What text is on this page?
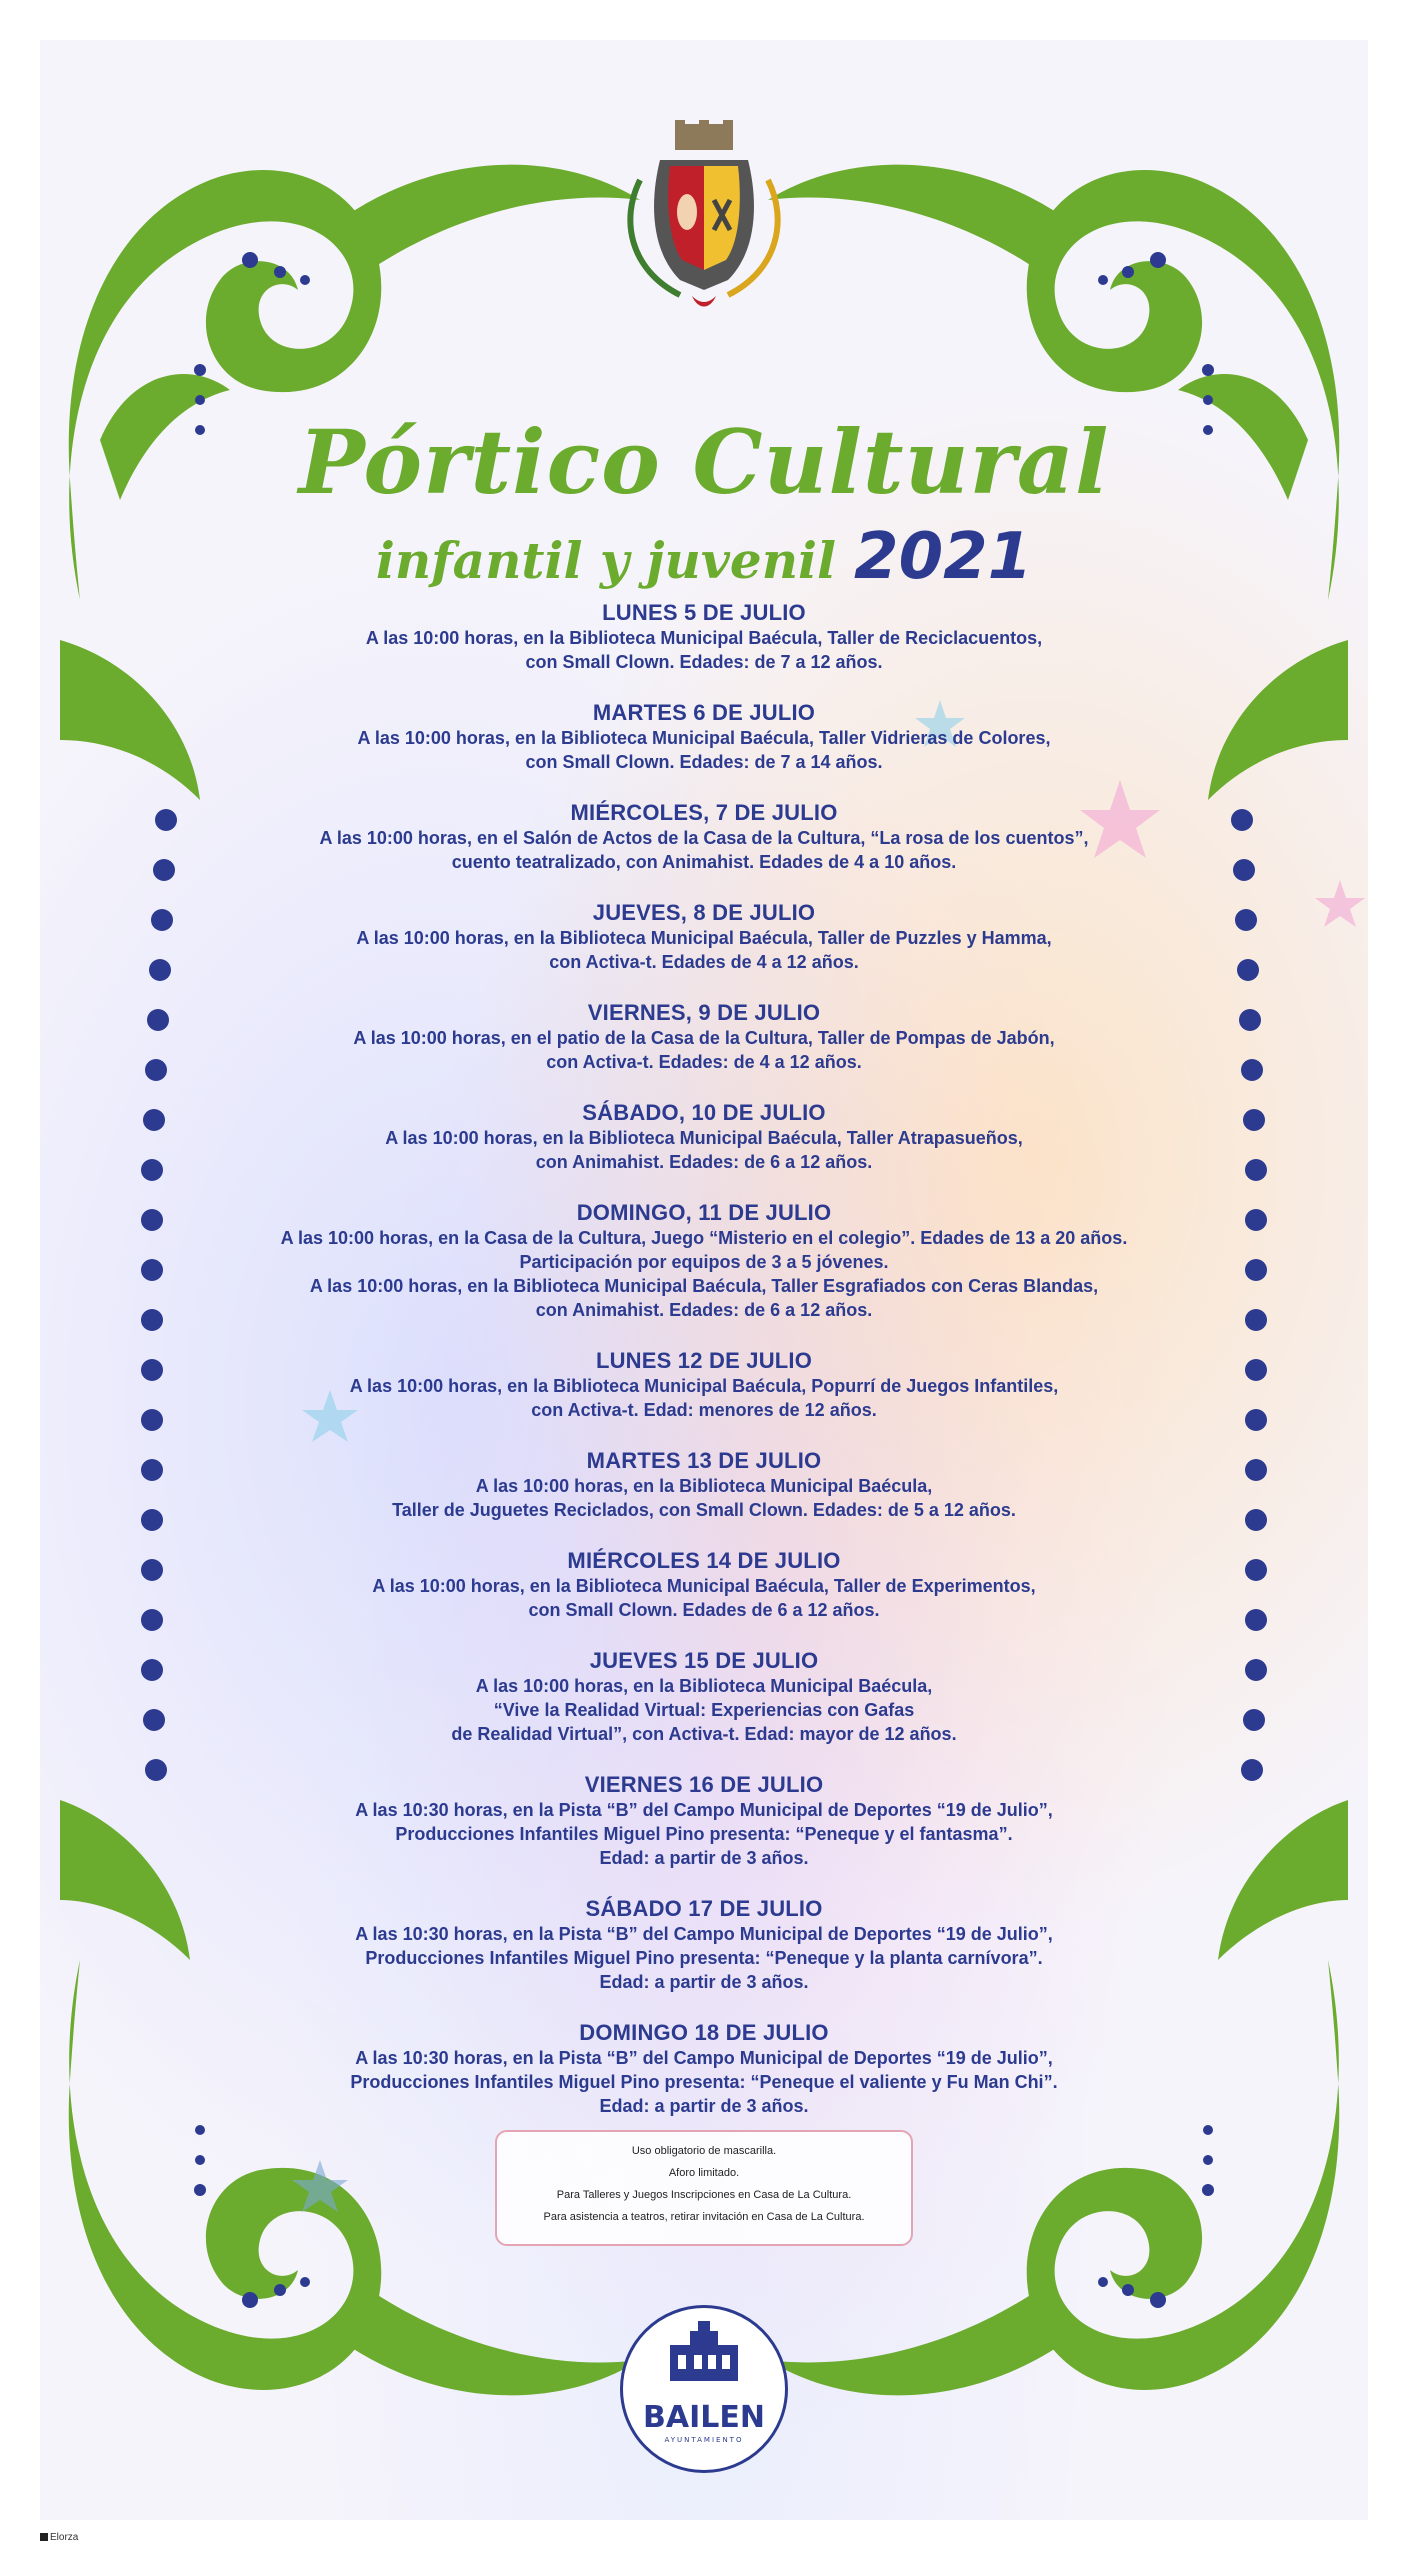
Pórtico Cultural
infantil y juvenil 2021
LUNES 5 DE JULIO
A las 10:00 horas, en la Biblioteca Municipal Baécula, Taller de Reciclacuentos,
con Small Clown. Edades: de 7 a 12 años.
MARTES 6 DE JULIO
A las 10:00 horas, en la Biblioteca Municipal Baécula, Taller Vidrieras de Colores,
con Small Clown. Edades: de 7 a 14 años.
MIÉRCOLES, 7 DE JULIO
A las 10:00 horas, en el Salón de Actos de la Casa de la Cultura, “La rosa de los cuentos”,
cuento teatralizado, con Animahist. Edades de 4 a 10 años.
JUEVES, 8 DE JULIO
A las 10:00 horas, en la Biblioteca Municipal Baécula, Taller de Puzzles y Hamma,
con Activa-t. Edades de 4 a 12 años.
VIERNES, 9 DE JULIO
A las 10:00 horas, en el patio de la Casa de la Cultura, Taller de Pompas de Jabón,
con Activa-t. Edades: de 4 a 12 años.
SÁBADO, 10 DE JULIO
A las 10:00 horas, en la Biblioteca Municipal Baécula, Taller Atrapasueños,
con Animahist. Edades: de 6 a 12 años.
DOMINGO, 11 DE JULIO
A las 10:00 horas, en la Casa de la Cultura, Juego “Misterio en el colegio”. Edades de 13 a 20 años.
Participación por equipos de 3 a 5 jóvenes.
A las 10:00 horas, en la Biblioteca Municipal Baécula, Taller Esgrafiados con Ceras Blandas,
con Animahist. Edades: de 6 a 12 años.
LUNES 12 DE JULIO
A las 10:00 horas, en la Biblioteca Municipal Baécula, Popurrí de Juegos Infantiles,
con Activa-t. Edad: menores de 12 años.
MARTES 13 DE JULIO
A las 10:00 horas, en la Biblioteca Municipal Baécula,
Taller de Juguetes Reciclados, con Small Clown. Edades: de 5 a 12 años.
MIÉRCOLES 14 DE JULIO
A las 10:00 horas, en la Biblioteca Municipal Baécula, Taller de Experimentos,
con Small Clown. Edades de 6 a 12 años.
JUEVES 15 DE JULIO
A las 10:00 horas, en la Biblioteca Municipal Baécula,
“Vive la Realidad Virtual: Experiencias con Gafas
de Realidad Virtual”, con Activa-t. Edad: mayor de 12 años.
VIERNES 16 DE JULIO
A las 10:30 horas, en la Pista “B” del Campo Municipal de Deportes “19 de Julio”,
Producciones Infantiles Miguel Pino presenta: “Peneque y el fantasma”.
Edad: a partir de 3 años.
SÁBADO 17 DE JULIO
A las 10:30 horas, en la Pista “B” del Campo Municipal de Deportes “19 de Julio”,
Producciones Infantiles Miguel Pino presenta: “Peneque y la planta carnívora”.
Edad: a partir de 3 años.
DOMINGO 18 DE JULIO
A las 10:30 horas, en la Pista “B” del Campo Municipal de Deportes “19 de Julio”,
Producciones Infantiles Miguel Pino presenta: “Peneque el valiente y Fu Man Chi”.
Edad: a partir de 3 años.
Uso obligatorio de mascarilla.
Aforo limitado.
Para Talleres y Juegos Inscripciones en Casa de La Cultura.
Para asistencia a teatros, retirar invitación en Casa de La Cultura.
BAILEN
AYUNTAMIENTO
Elorza
